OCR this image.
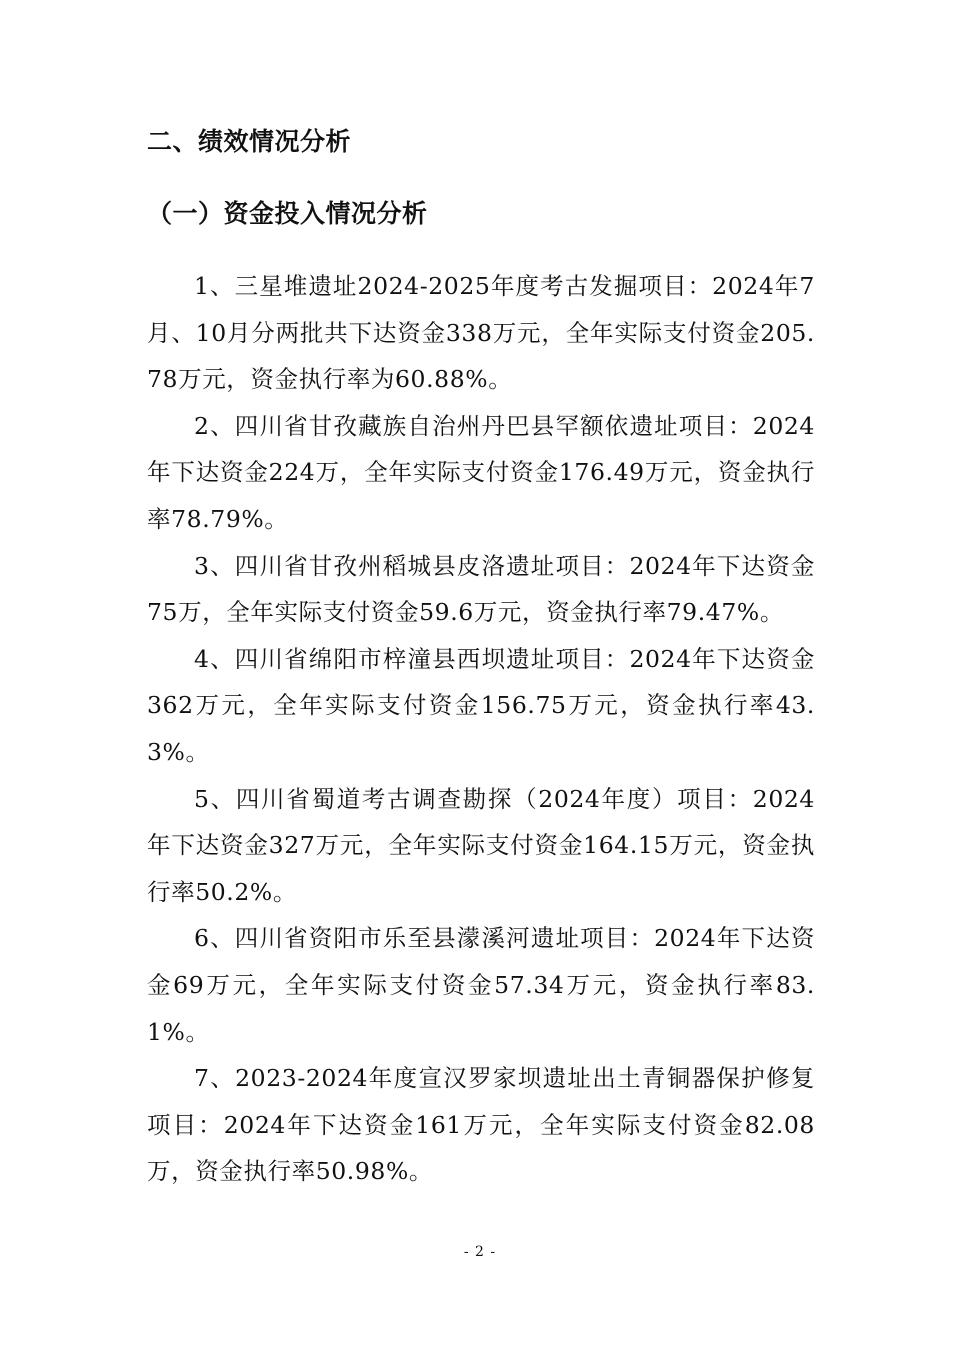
二、绩效情况分析
（一）资金投入情况分析

1、三星堆遗址2024-2025年度考古发掘项目：2024年7月、10月分两批共下达资金338万元，全年实际支付资金205.78万元，资金执行率为60.88%。

2、四川省甘孜藏族自治州丹巴县罕额依遗址项目：2024年下达资金224万，全年实际支付资金176.49万元，资金执行率78.79%。

3、四川省甘孜州稻城县皮洛遗址项目：2024年下达资金75万，全年实际支付资金59.6万元，资金执行率79.47%。

4、四川省绵阳市梓潼县西坝遗址项目：2024年下达资金362万元，全年实际支付资金156.75万元，资金执行率43.3%。

5、四川省蜀道考古调查勘探（2024年度）项目：2024年下达资金327万元，全年实际支付资金164.15万元，资金执行率50.2%。

6、四川省资阳市乐至县濛溪河遗址项目：2024年下达资金69万元，全年实际支付资金57.34万元，资金执行率83.1%。

7、2023-2024年度宣汉罗家坝遗址出土青铜器保护修复项目：2024年下达资金161万元，全年实际支付资金82.08万，资金执行率50.98%。

- 2 -
